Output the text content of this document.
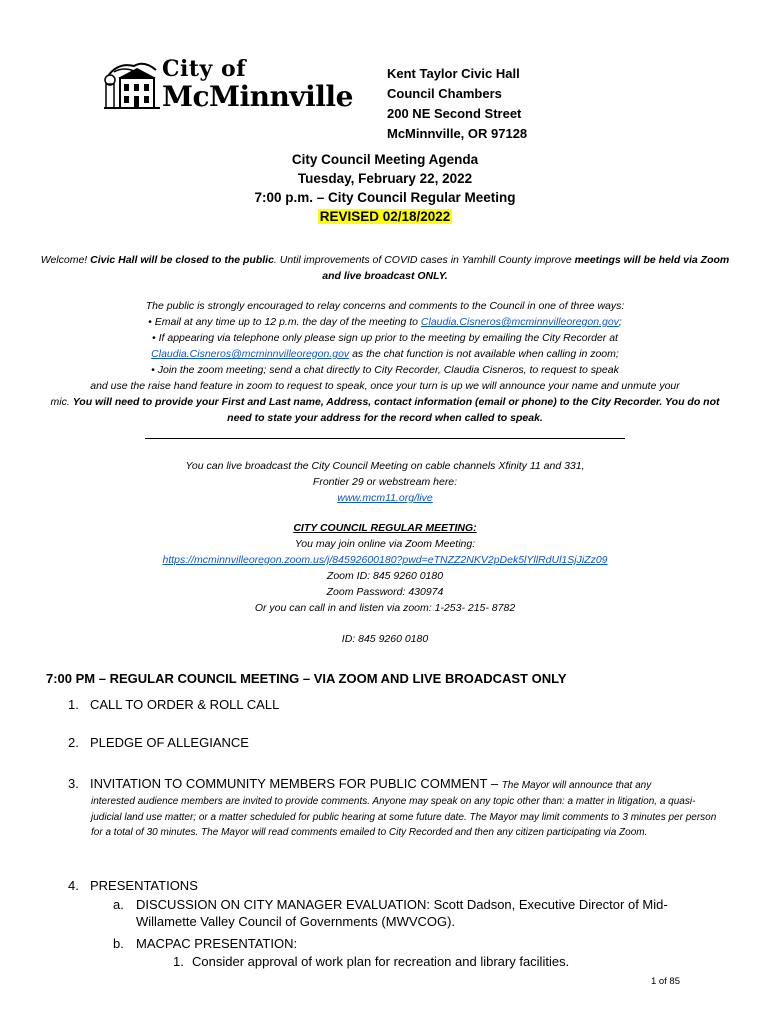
City of
McMinnville
Kent Taylor Civic Hall
Council Chambers
200 NE Second Street
McMinnville, OR 97128
City Council Meeting Agenda
Tuesday, February 22, 2022
7:00 p.m. – City Council Regular Meeting
REVISED 02/18/2022
Welcome! Civic Hall will be closed to the public. Until improvements of COVID cases in Yamhill County improve meetings will be held via Zoom and live broadcast ONLY.
The public is strongly encouraged to relay concerns and comments to the Council in one of three ways:
• Email at any time up to 12 p.m. the day of the meeting to Claudia.Cisneros@mcminnvilleoregon.gov;
• If appearing via telephone only please sign up prior to the meeting by emailing the City Recorder at
Claudia.Cisneros@mcminnvilleoregon.gov as the chat function is not available when calling in zoom;
• Join the zoom meeting; send a chat directly to City Recorder, Claudia Cisneros, to request to speak
and use the raise hand feature in zoom to request to speak, once your turn is up we will announce your name and unmute your
mic. You will need to provide your First and Last name, Address, contact information (email or phone) to the City Recorder. You do not need to state your address for the record when called to speak.
You can live broadcast the City Council Meeting on cable channels Xfinity 11 and 331,
Frontier 29 or webstream here:
www.mcm11.org/live
CITY COUNCIL REGULAR MEETING:
You may join online via Zoom Meeting:
https://mcminnvilleoregon.zoom.us/j/84592600180?pwd=eTNZZ2NKV2pDek5lYllRdUl1SjJiZz09
Zoom ID: 845 9260 0180
Zoom Password: 430974
Or you can call in and listen via zoom: 1-253- 215- 8782
ID: 845 9260 0180
7:00 PM – REGULAR COUNCIL MEETING – VIA ZOOM AND LIVE BROADCAST ONLY
1. CALL TO ORDER & ROLL CALL
2. PLEDGE OF ALLEGIANCE
3. INVITATION TO COMMUNITY MEMBERS FOR PUBLIC COMMENT – The Mayor will announce that any
interested audience members are invited to provide comments. Anyone may speak on any topic other than: a matter in litigation, a quasi-judicial land use matter; or a matter scheduled for public hearing at some future date. The Mayor may limit comments to 3 minutes per person for a total of 30 minutes. The Mayor will read comments emailed to City Recorded and then any citizen participating via Zoom.
4. PRESENTATIONS
a. DISCUSSION ON CITY MANAGER EVALUATION: Scott Dadson, Executive Director of Mid-Willamette Valley Council of Governments (MWVCOG).
b. MACPAC PRESENTATION:
1. Consider approval of work plan for recreation and library facilities.
1 of 85
